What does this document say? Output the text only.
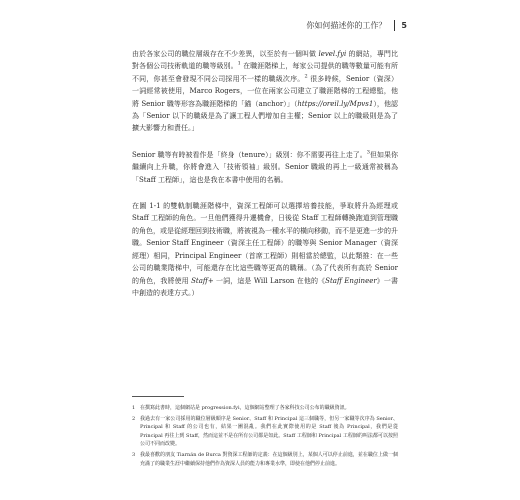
你如何描述你的工作？ 5

由於各家公司的職位層級存在不少差異，以至於有一個叫做 level.fyi 的網站，專門比對各個公司技術軌道的職等級別。$^1$ 在職涯階梯上，每家公司提供的職等數量可能有所不同，你甚至會發現不同公司採用不一樣的職級次序。$^2$ 很多時候，Senior（資深）一詞經常被使用，Marco Rogers，一位在兩家公司建立了職涯階梯的工程總監，他將 Senior 職等形容為職涯階梯的「錨（anchor）」（https://oreil.ly/Mpvs1），他認為「Senior 以下的職級是為了讓工程人們增加自主權；Senior 以上的職級則是為了擴大影響力和責任。」

Senior 職等有時被看作是「終身（tenure）」級別：你不需要再往上走了。$^3$但如果你繼續向上升職，你將會進入「技術領袖」級別。Senior 職級的再上一級通常被稱為「Staff 工程師」，這也是我在本書中使用的名稱。

在圖 1-1 的雙軌制職涯階梯中，資深工程師可以選擇培養技能，爭取將升為經理或 Staff 工程師的角色。一旦他們獲得升遷機會，日後從 Staff 工程師轉換跑道到管理職的角色，或是從經理回到技術職，將被視為一種水平的橫向移動，而不是更進一步的升職。Senior Staff Engineer（資深主任工程師）的職等與 Senior Manager（資深經理）相同，Principal Engineer（首席工程師）則相當於總監，以此類推：在一些公司的職業階梯中，可能還存在比這些職等更高的職稱。（為了代表所有高於 Senior 的角色，我將使用 Staff+ 一詞，這是 Will Larson 在他的《Staff Engineer》一書中創造的表達方式。）

1 在撰寫此書時，這個網站是 progression.fyi，這個網站整理了各家科技公司公布的職級資訊。
2 我過去有一家公司採用的職位層級順序是 Senior、Staff 和 Principal 這三個職等，但另一家職等次序為 Senior、Principal 和 Staff 的公司也有，結果一團混亂。我們在此實際使用的是 Staff 後為 Principal，我們是從 Principal 再往上到 Staff，然而這並不是在所有公司都是如此。Staff 工程師和 Principal 工程師的叫法都可以按照公司不同而改變。
3 我最喜歡的朋友 Tiarnán de Burca 對資深工程師的定義：在這個級別上，某個人可以停止前進，並在職位上做一個充滿了的職業生涯中繼續保持他們作為資深人員的能力和專業水準，即使在他們停止前進。
